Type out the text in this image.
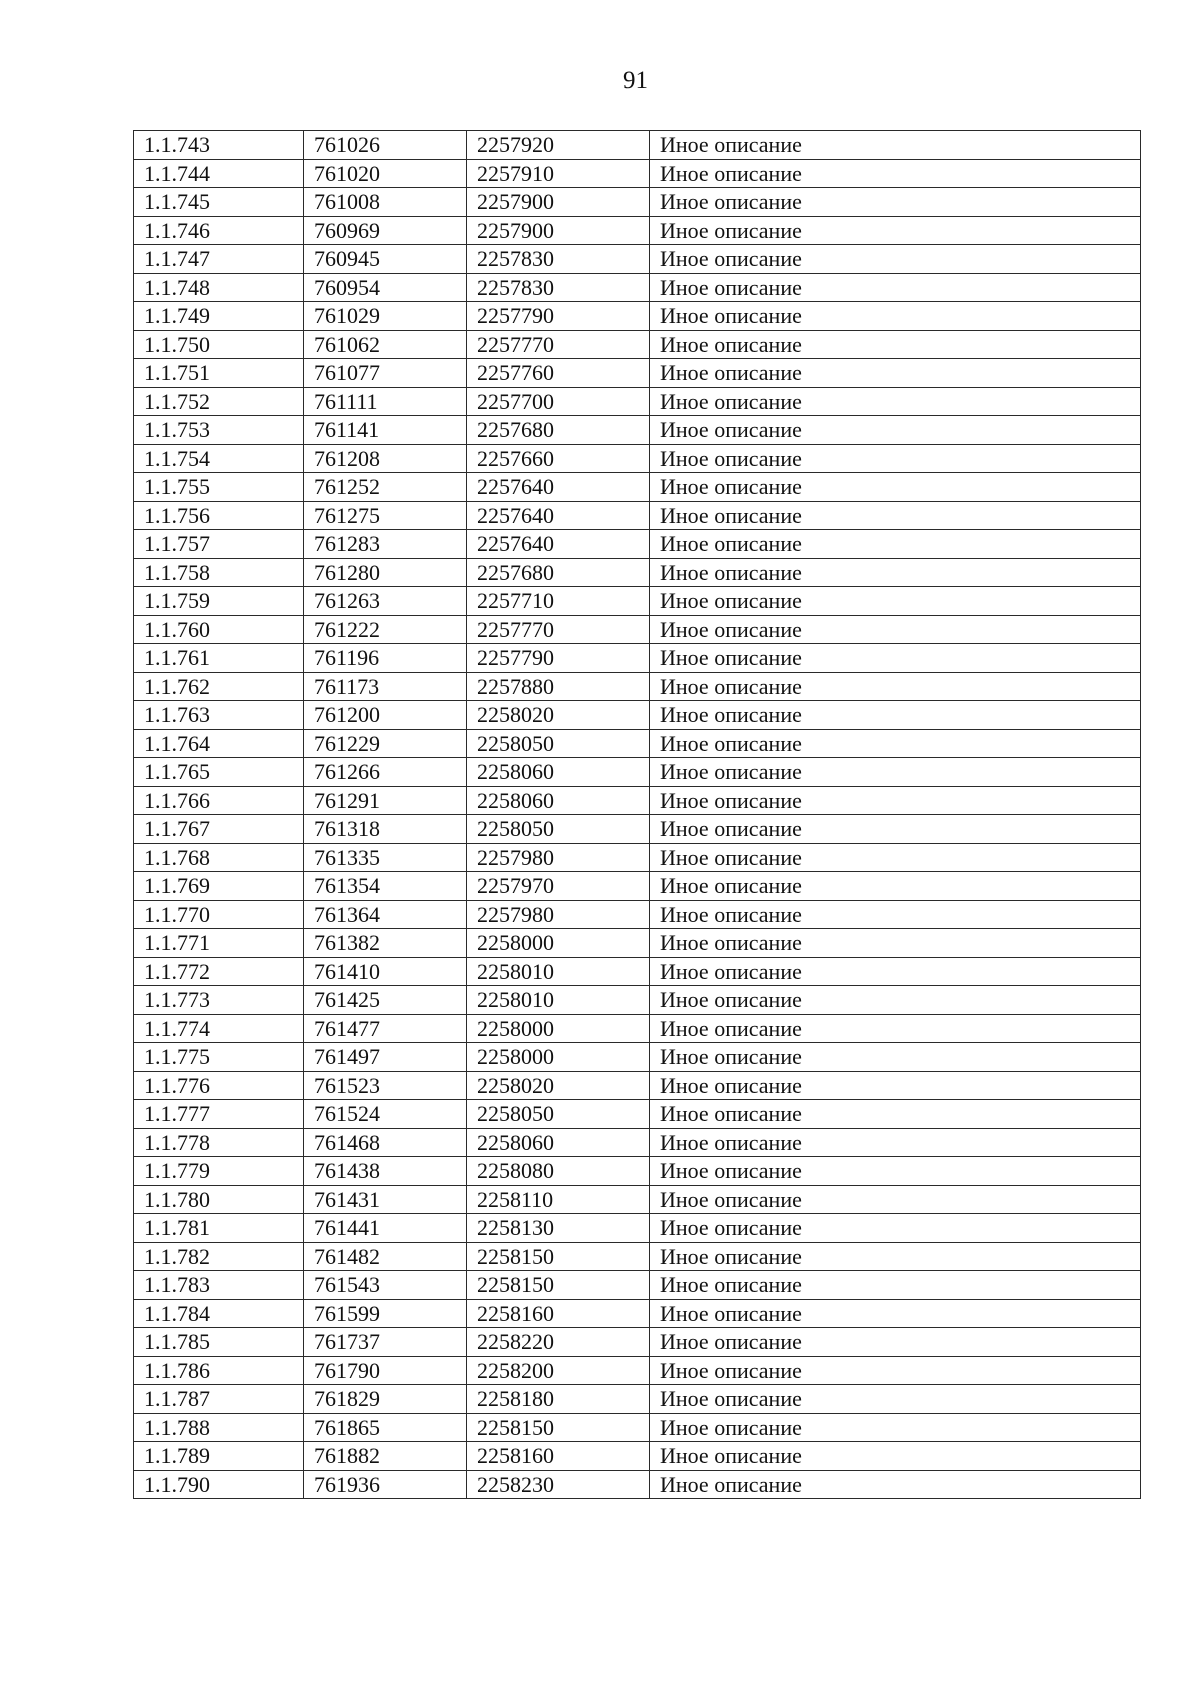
91
1.1.743	761026	2257920	Иное описание
1.1.744	761020	2257910	Иное описание
1.1.745	761008	2257900	Иное описание
1.1.746	760969	2257900	Иное описание
1.1.747	760945	2257830	Иное описание
1.1.748	760954	2257830	Иное описание
1.1.749	761029	2257790	Иное описание
1.1.750	761062	2257770	Иное описание
1.1.751	761077	2257760	Иное описание
1.1.752	761111	2257700	Иное описание
1.1.753	761141	2257680	Иное описание
1.1.754	761208	2257660	Иное описание
1.1.755	761252	2257640	Иное описание
1.1.756	761275	2257640	Иное описание
1.1.757	761283	2257640	Иное описание
1.1.758	761280	2257680	Иное описание
1.1.759	761263	2257710	Иное описание
1.1.760	761222	2257770	Иное описание
1.1.761	761196	2257790	Иное описание
1.1.762	761173	2257880	Иное описание
1.1.763	761200	2258020	Иное описание
1.1.764	761229	2258050	Иное описание
1.1.765	761266	2258060	Иное описание
1.1.766	761291	2258060	Иное описание
1.1.767	761318	2258050	Иное описание
1.1.768	761335	2257980	Иное описание
1.1.769	761354	2257970	Иное описание
1.1.770	761364	2257980	Иное описание
1.1.771	761382	2258000	Иное описание
1.1.772	761410	2258010	Иное описание
1.1.773	761425	2258010	Иное описание
1.1.774	761477	2258000	Иное описание
1.1.775	761497	2258000	Иное описание
1.1.776	761523	2258020	Иное описание
1.1.777	761524	2258050	Иное описание
1.1.778	761468	2258060	Иное описание
1.1.779	761438	2258080	Иное описание
1.1.780	761431	2258110	Иное описание
1.1.781	761441	2258130	Иное описание
1.1.782	761482	2258150	Иное описание
1.1.783	761543	2258150	Иное описание
1.1.784	761599	2258160	Иное описание
1.1.785	761737	2258220	Иное описание
1.1.786	761790	2258200	Иное описание
1.1.787	761829	2258180	Иное описание
1.1.788	761865	2258150	Иное описание
1.1.789	761882	2258160	Иное описание
1.1.790	761936	2258230	Иное описание
